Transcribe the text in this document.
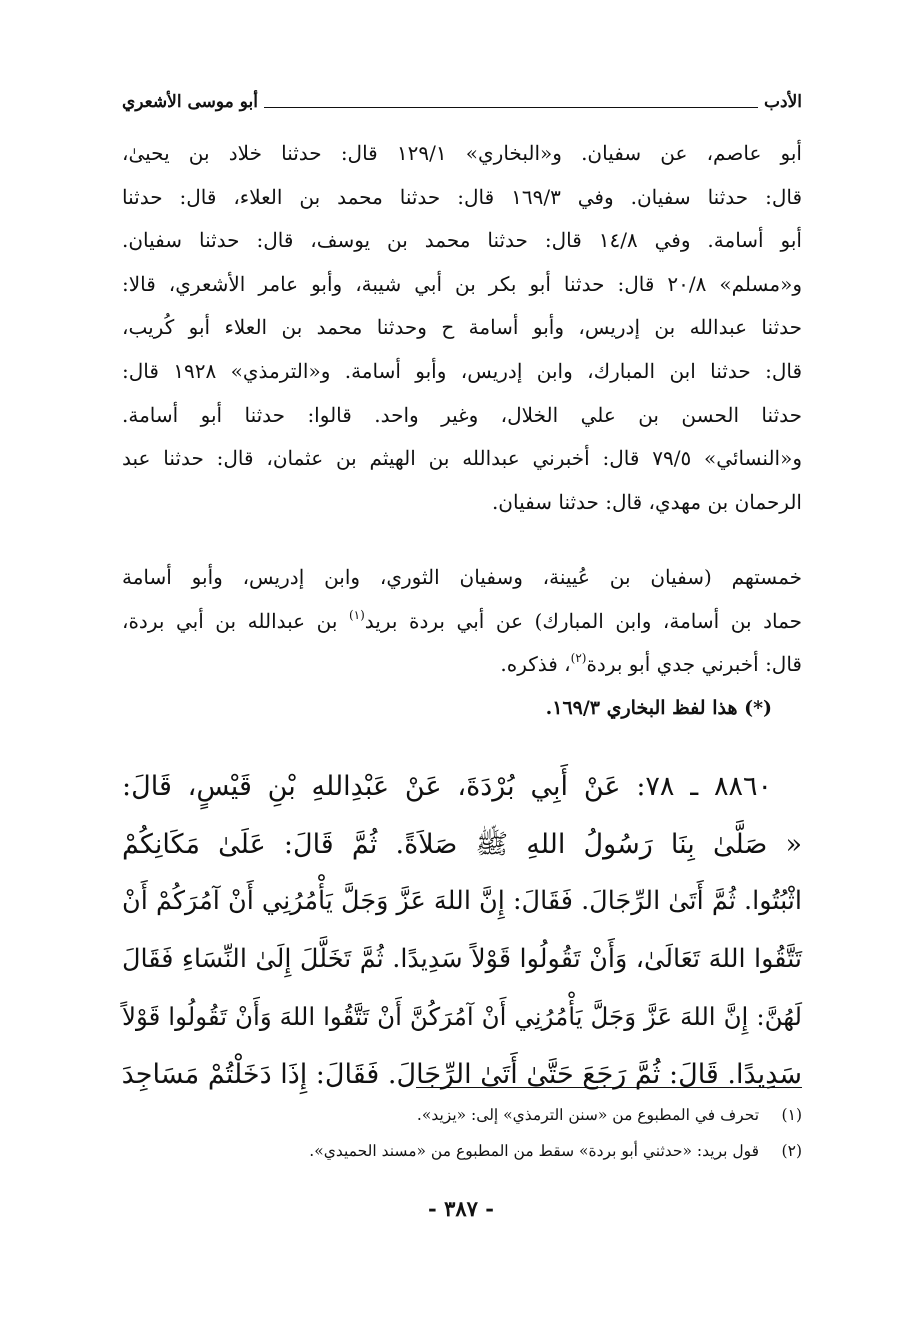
الأدب
أبو موسى الأشعري

أبو عاصم، عن سفيان. و«البخاري» ١٢٩/١ قال: حدثنا خلاد بن يحيىٰ،

قال: حدثنا سفيان. وفي ١٦٩/٣ قال: حدثنا محمد بن العلاء، قال: حدثنا

أبو أسامة. وفي ١٤/٨ قال: حدثنا محمد بن يوسف، قال: حدثنا سفيان.

و«مسلم» ٢٠/٨ قال: حدثنا أبو بكر بن أبي شيبة، وأبو عامر الأشعري، قالا:

حدثنا عبدالله بن إدريس، وأبو أسامة ح وحدثنا محمد بن العلاء أبو كُريب،

قال: حدثنا ابن المبارك، وابن إدريس، وأبو أسامة. و«الترمذي» ١٩٢٨ قال:

حدثنا الحسن بن علي الخلال، وغير واحد. قالوا: حدثنا أبو أسامة.

و«النسائي» ٧٩/٥ قال: أخبرني عبدالله بن الهيثم بن عثمان، قال: حدثنا عبد

الرحمان بن مهدي، قال: حدثنا سفيان.

خمستهم (سفيان بن عُيينة، وسفيان الثوري، وابن إدريس، وأبو أسامة

حماد بن أسامة، وابن المبارك) عن أبي بردة بريد$^{(١)}$ بن عبدالله بن أبي بردة،

قال: أخبرني جدي أبو بردة$^{(٢)}$، فذكره.

(*) هذا لفظ البخاري ١٦٩/٣.

٨٨٦٠ ـ ٧٨: عَنْ أَبِي بُرْدَةَ، عَنْ عَبْدِاللهِ بْنِ قَيْسٍ، قَالَ:

« صَلَّىٰ بِنَا رَسُولُ اللهِ ﷺ صَلاَةً. ثُمَّ قَالَ: عَلَىٰ مَكَانِكُمْ

اثْبُتُوا. ثُمَّ أَتَىٰ الرِّجَالَ. فَقَالَ: إِنَّ اللهَ عَزَّ وَجَلَّ يَأْمُرُنِي أَنْ آمُرَكُمْ أَنْ

تَتَّقُوا اللهَ تَعَالَىٰ، وَأَنْ تَقُولُوا قَوْلاً سَدِيدًا. ثُمَّ تَخَلَّلَ إِلَىٰ النِّسَاءِ فَقَالَ

لَهُنَّ: إِنَّ اللهَ عَزَّ وَجَلَّ يَأْمُرُنِي أَنْ آمُرَكُنَّ أَنْ تَتَّقُوا اللهَ وَأَنْ تَقُولُوا قَوْلاً

سَدِيدًا. قَالَ: ثُمَّ رَجَعَ حَتَّىٰ أَتَىٰ الرِّجَالَ. فَقَالَ: إِذَا دَخَلْتُمْ مَسَاجِدَ

(١) تحرف في المطبوع من «سنن الترمذي» إلى: «يزيد».

(٢) قول بريد: «حدثني أبو بردة» سقط من المطبوع من «مسند الحميدي».

- ٣٨٧ -
